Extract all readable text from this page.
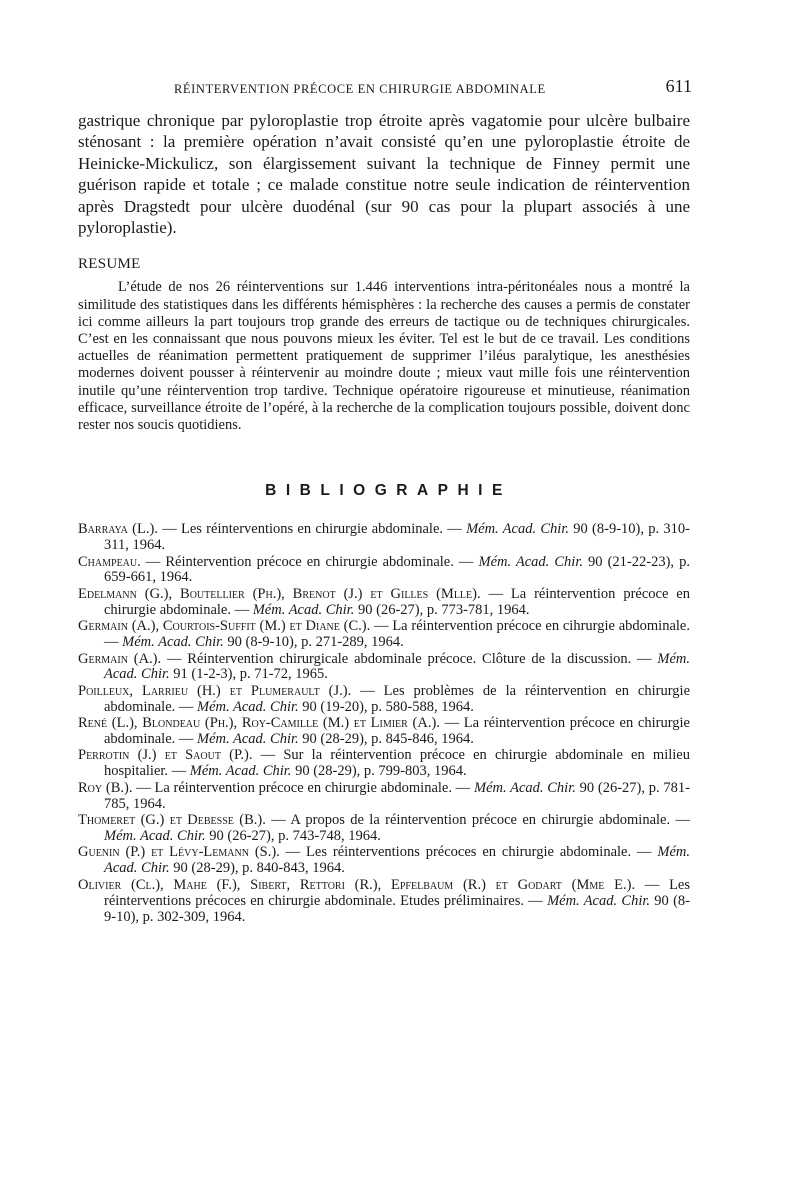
RÉINTERVENTION PRÉCOCE EN CHIRURGIE ABDOMINALE	611

gastrique chronique par pyloroplastie trop étroite après vagatomie pour ulcère bulbaire sténosant : la première opération n’avait consisté qu’en une pyloroplastie étroite de Heinicke-Mickulicz, son élargissement suivant la technique de Finney permit une guérison rapide et totale ; ce malade constitue notre seule indication de réintervention après Dragstedt pour ulcère duodénal (sur 90 cas pour la plupart associés à une pyloroplastie).

RESUME

L’étude de nos 26 réinterventions sur 1.446 interventions intra-péritonéales nous a montré la similitude des statistiques dans les différents hémisphères : la recherche des causes a permis de constater ici comme ailleurs la part toujours trop grande des erreurs de tactique ou de techniques chirurgicales. C’est en les connaissant que nous pouvons mieux les éviter. Tel est le but de ce travail. Les conditions actuelles de réanimation permettent pratiquement de supprimer l’iléus paralytique, les anesthésies modernes doivent pousser à réintervenir au moindre doute ; mieux vaut mille fois une réintervention inutile qu’une réintervention trop tardive. Technique opératoire rigoureuse et minutieuse, réanimation efficace, surveillance étroite de l’opéré, à la recherche de la complication toujours possible, doivent donc rester nos soucis quotidiens.

BIBLIOGRAPHIE
Barraya (L.). — Les réinterventions en chirurgie abdominale. — Mém. Acad. Chir. 90 (8-9-10), p. 310-311, 1964.
Champeau. — Réintervention précoce en chirurgie abdominale. — Mém. Acad. Chir. 90 (21-22-23), p. 659-661, 1964.
Edelmann (G.), Boutellier (Ph.), Brenot (J.) et Gilles (Mlle). — La réintervention précoce en chirurgie abdominale. — Mém. Acad. Chir. 90 (26-27), p. 773-781, 1964.
Germain (A.), Courtois-Suffit (M.) et Diane (C.). — La réintervention précoce en cihrurgie abdominale. — Mém. Acad. Chir. 90 (8-9-10), p. 271-289, 1964.
Germain (A.). — Réintervention chirurgicale abdominale précoce. Clôture de la discussion. — Mém. Acad. Chir. 91 (1-2-3), p. 71-72, 1965.
Poilleux, Larrieu (H.) et Plumerault (J.). — Les problèmes de la réintervention en chirurgie abdominale. — Mém. Acad. Chir. 90 (19-20), p. 580-588, 1964.
René (L.), Blondeau (Ph.), Roy-Camille (M.) et Limier (A.). — La réintervention précoce en chirurgie abdominale. — Mém. Acad. Chir. 90 (28-29), p. 845-846, 1964.
Perrotin (J.) et Saout (P.). — Sur la réintervention précoce en chirurgie abdominale en milieu hospitalier. — Mém. Acad. Chir. 90 (28-29), p. 799-803, 1964.
Roy (B.). — La réintervention précoce en chirurgie abdominale. — Mém. Acad. Chir. 90 (26-27), p. 781-785, 1964.
Thomeret (G.) et Debesse (B.). — A propos de la réintervention précoce en chirurgie abdominale. — Mém. Acad. Chir. 90 (26-27), p. 743-748, 1964.
Guenin (P.) et Lévy-Lemann (S.). — Les réinterventions précoces en chirurgie abdominale. — Mém. Acad. Chir. 90 (28-29), p. 840-843, 1964.
Olivier (Cl.), Mahe (F.), Sibert, Rettori (R.), Epfelbaum (R.) et Godart (Mme E.). — Les réinterventions précoces en chirurgie abdominale. Etudes préliminaires. — Mém. Acad. Chir. 90 (8-9-10), p. 302-309, 1964.
